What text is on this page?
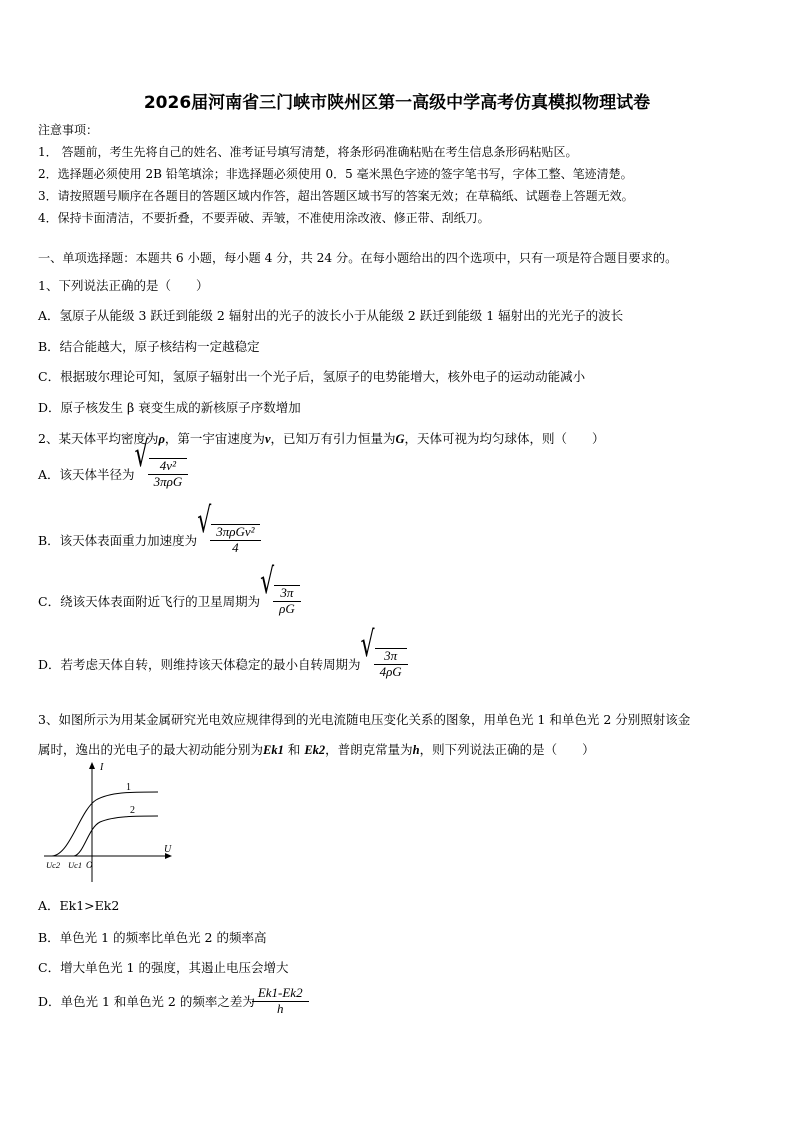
2026届河南省三门峡市陕州区第一高级中学高考仿真模拟物理试卷
注意事项：
1． 答题前，考生先将自己的姓名、准考证号填写清楚，将条形码准确粘贴在考生信息条形码粘贴区。
2．选择题必须使用 2B 铅笔填涂；非选择题必须使用 0．5 毫米黑色字迹的签字笔书写，字体工整、笔迹清楚。
3．请按照题号顺序在各题目的答题区域内作答，超出答题区域书写的答案无效；在草稿纸、试题卷上答题无效。
4．保持卡面清洁，不要折叠，不要弄破、弄皱，不准使用涂改液、修正带、刮纸刀。
一、单项选择题：本题共 6 小题，每小题 4 分，共 24 分。在每小题给出的四个选项中，只有一项是符合题目要求的。
1、下列说法正确的是（　　）
A．氢原子从能级 3 跃迁到能级 2 辐射出的光子的波长小于从能级 2 跃迁到能级 1 辐射出的光光子的波长
B．结合能越大，原子核结构一定越稳定
C．根据玻尔理论可知，氢原子辐射出一个光子后，氢原子的电势能增大，核外电子的运动动能减小
D．原子核发生 β 衰变生成的新核原子序数增加
2、某天体平均密度为ρ，第一宇宙速度为v，已知万有引力恒量为G，天体可视为均匀球体，则（　　）
A．该天体半径为 √ $\frac{\text{4v²}}{\text{3πρG}}$
B．该天体表面重力加速度为 √ $\frac{\text{3πρGv²}}{4}$
C．绕该天体表面附近飞行的卫星周期为 √ $\frac{3\pi}{\rho G}$
D．若考虑天体自转，则维持该天体稳定的最小自转周期为 √ $\frac{3\pi}{4\rho G}$
3、如图所示为用某金属研究光电效应规律得到的光电流随电压变化关系的图象，用单色光 1 和单色光 2 分别照射该金
属时，逸出的光电子的最大初动能分别为Ek1 和 Ek2，普朗克常量为h，则下列说法正确的是（　　）
I
U
1
2
Uc2 Uc1 O
A．Ek1>Ek2
B．单色光 1 的频率比单色光 2 的频率高
C．增大单色光 1 的强度，其遏止电压会增大
D．单色光 1 和单色光 2 的频率之差为 $\frac{Ek1-Ek2}{h}$
